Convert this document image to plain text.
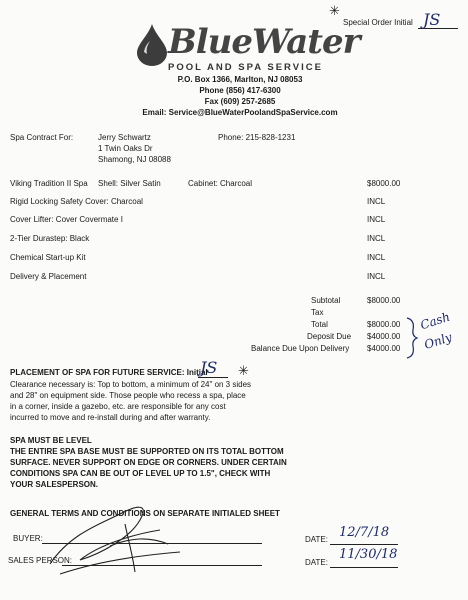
✳
Special Order Initial JS
BlueWater
POOL AND SPA SERVICE
P.O. Box 1366, Marlton, NJ 08053
Phone (856) 417-6300
Fax (609) 257-2685
Email: Service@BlueWaterPoolandSpaService.com
Spa Contract For:	Jerry Schwartz
1 Twin Oaks Dr
Shamong, NJ 08088
Phone: 215-828-1231
Viking Tradition II Spa Shell: Silver Satin	Cabinet: Charcoal	$8000.00
Rigid Locking Safety Cover: Charcoal	INCL
Cover Lifter: Cover Covermate I	INCL
2-Tier Durastep: Black	INCL
Chemical Start-up Kit	INCL
Delivery & Placement	INCL
Subtotal	$8000.00
Tax
Total	$8000.00
Deposit Due $4000.00
Balance Due Upon Delivery $4000.00
Cash
Only
PLACEMENT OF SPA FOR FUTURE SERVICE: Initial
JS ✳
Clearance necessary is: Top to bottom, a minimum of 24" on 3 sides
and 28" on equipment side. Those people who recess a spa, place
in a corner, inside a gazebo, etc. are responsible for any cost
incurred to move and re-install during and after warranty.
SPA MUST BE LEVEL
THE ENTIRE SPA BASE MUST BE SUPPORTED ON ITS TOTAL BOTTOM
SURFACE. NEVER SUPPORT ON EDGE OR CORNERS. UNDER CERTAIN
CONDITIONS SPA CAN BE OUT OF LEVEL UP TO 1.5", CHECK WITH
YOUR SALESPERSON.
GENERAL TERMS AND CONDITIONS ON SEPARATE INITIALED SHEET
BUYER:
SALES PERSON:
DATE: 12/7/18
DATE:
11/30/18
